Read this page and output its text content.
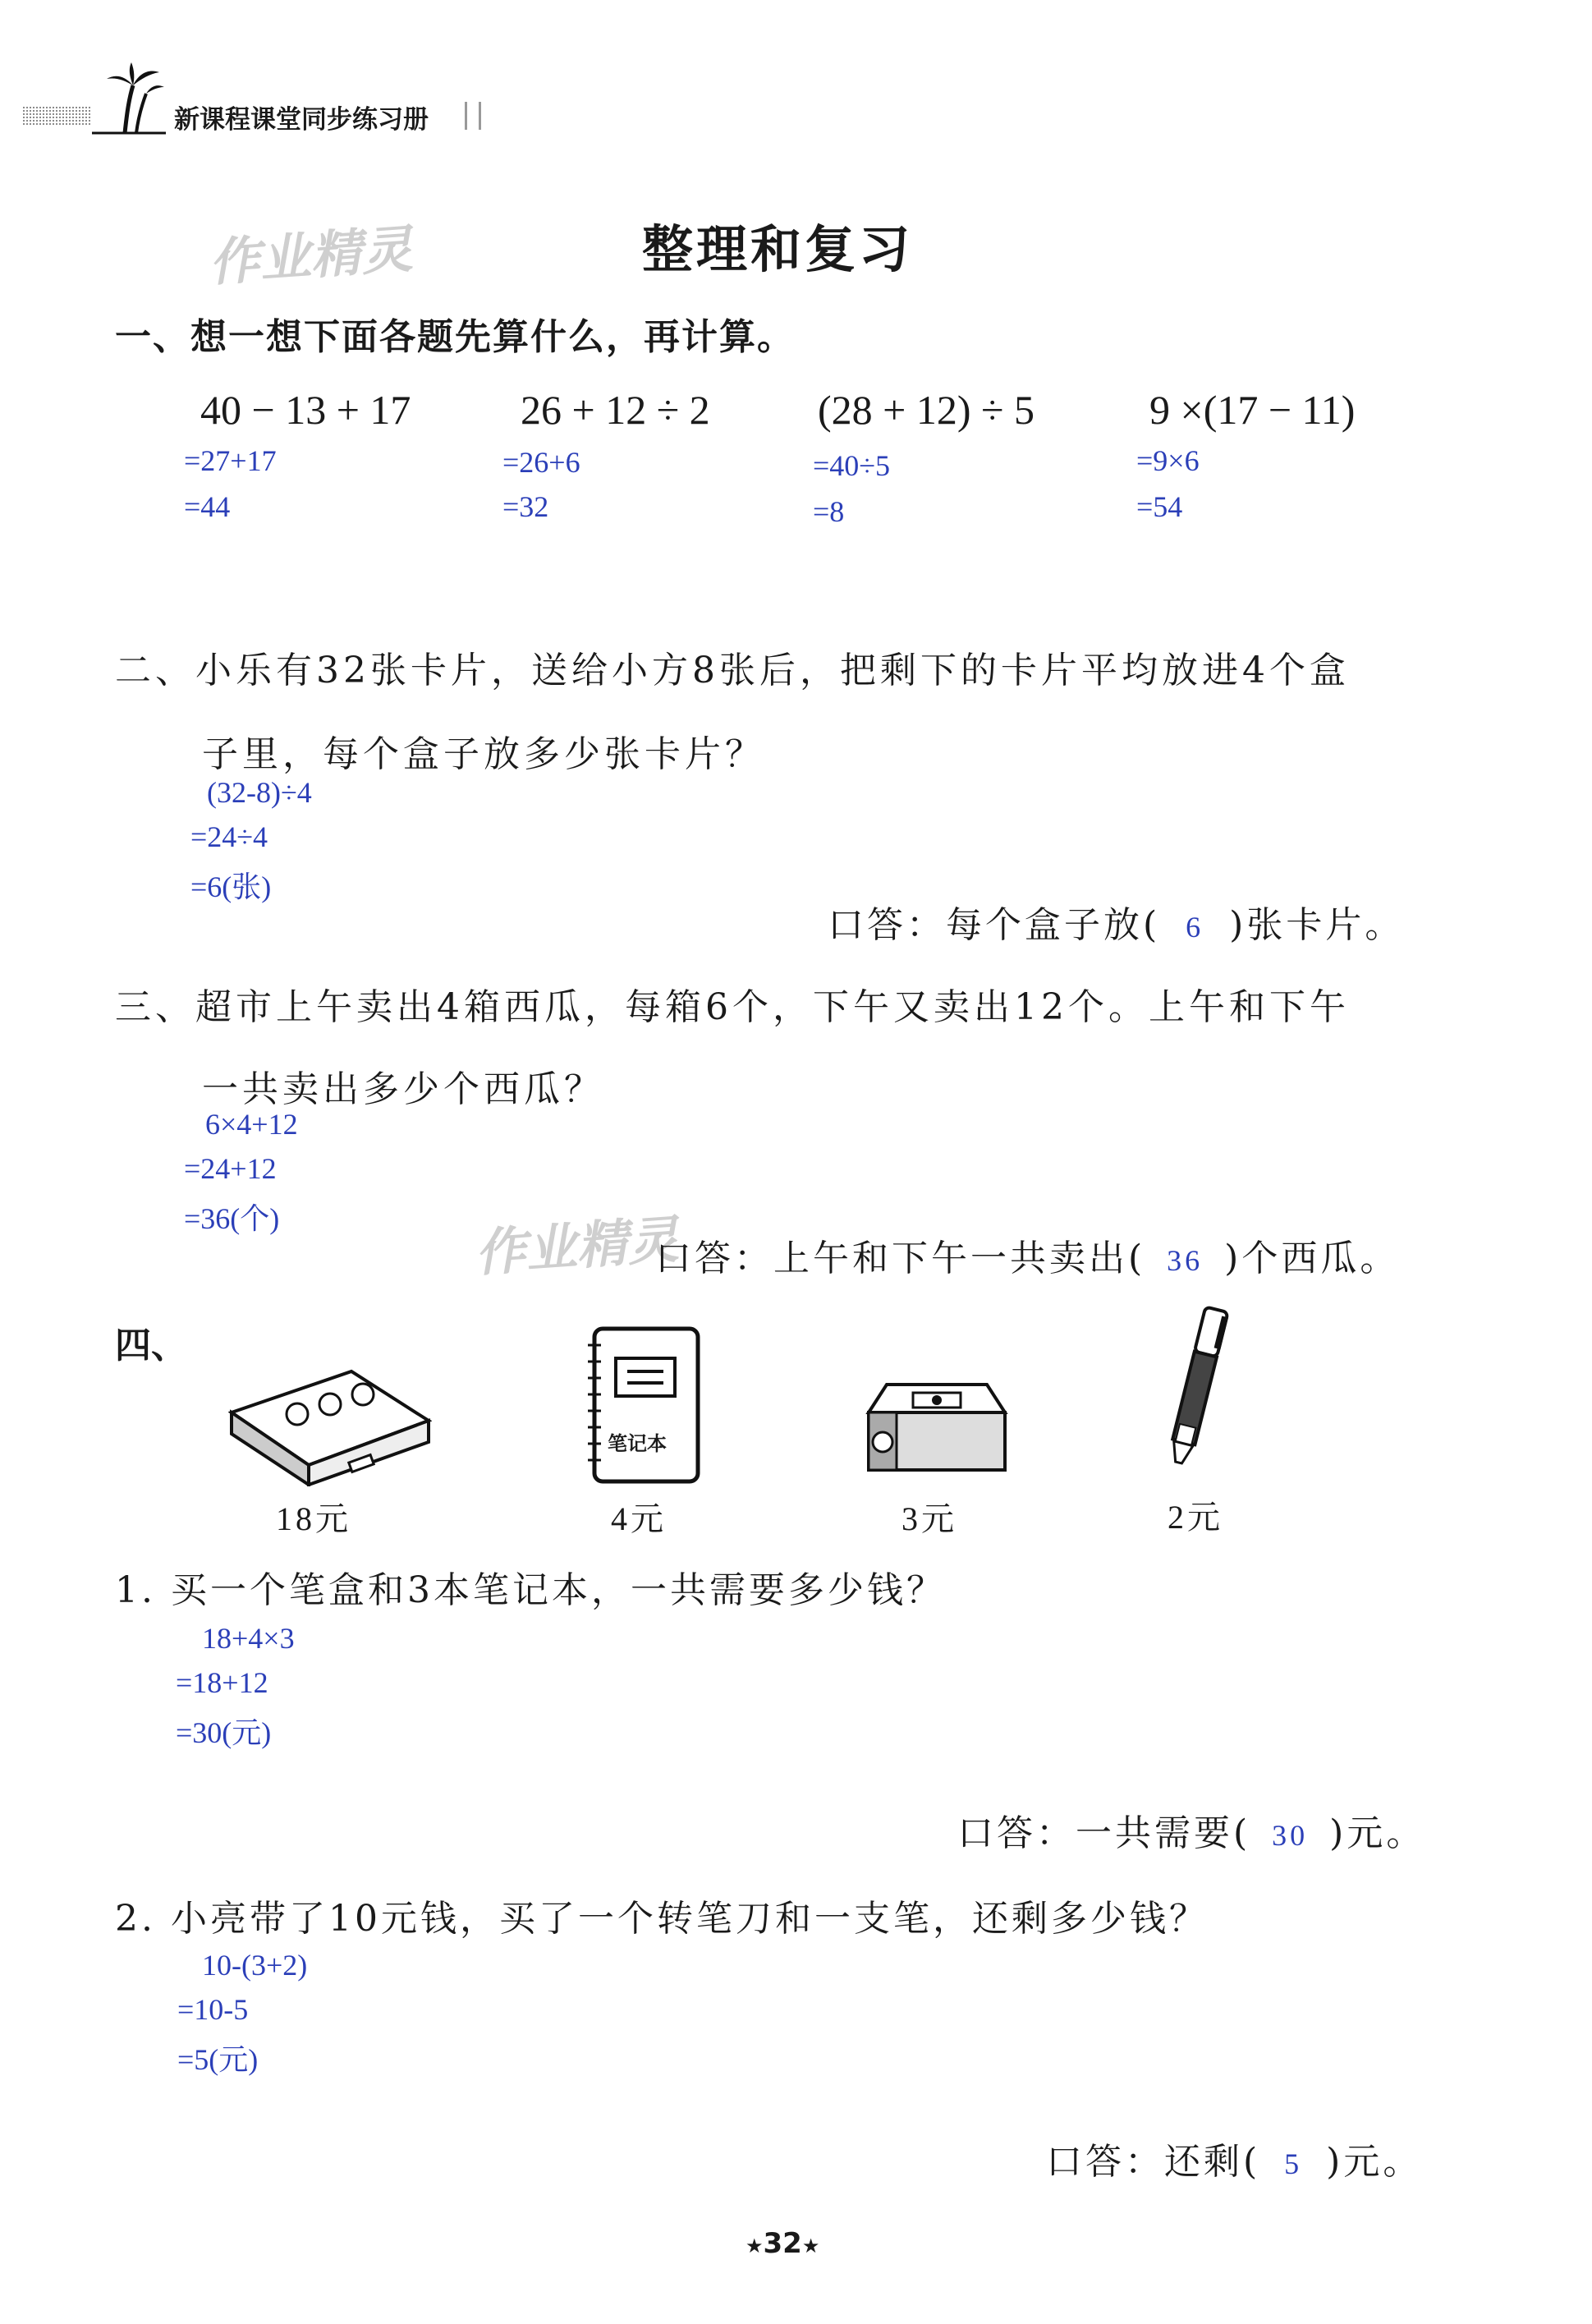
新课程课堂同步练习册
作业精灵
作业精灵
整理和复习
一、想一想下面各题先算什么，再计算。
40 − 13 + 17
=27+17
=44
26 + 12 ÷ 2
=26+6
=32
(28 + 12) ÷ 5
=40÷5
=8
9 ×(17 − 11)
=9×6
=54
二、小乐有32张卡片，送给小方8张后，把剩下的卡片平均放进4个盒
子里，每个盒子放多少张卡片？
(32-8)÷4
=24÷4
=6(张)
口答：每个盒子放( 6 )张卡片。
三、超市上午卖出4箱西瓜，每箱6个，下午又卖出12个。上午和下午
一共卖出多少个西瓜？
6×4+12
=24+12
=36(个)
口答：上午和下午一共卖出( 36 )个西瓜。
四、
笔记本
18元	4元	3元	2元
1. 买一个笔盒和3本笔记本，一共需要多少钱？
18+4×3
=18+12
=30(元)
口答：一共需要( 30 )元。
2. 小亮带了10元钱，买了一个转笔刀和一支笔，还剩多少钱？
10-(3+2)
=10-5
=5(元)
口答：还剩( 5 )元。
★32★
